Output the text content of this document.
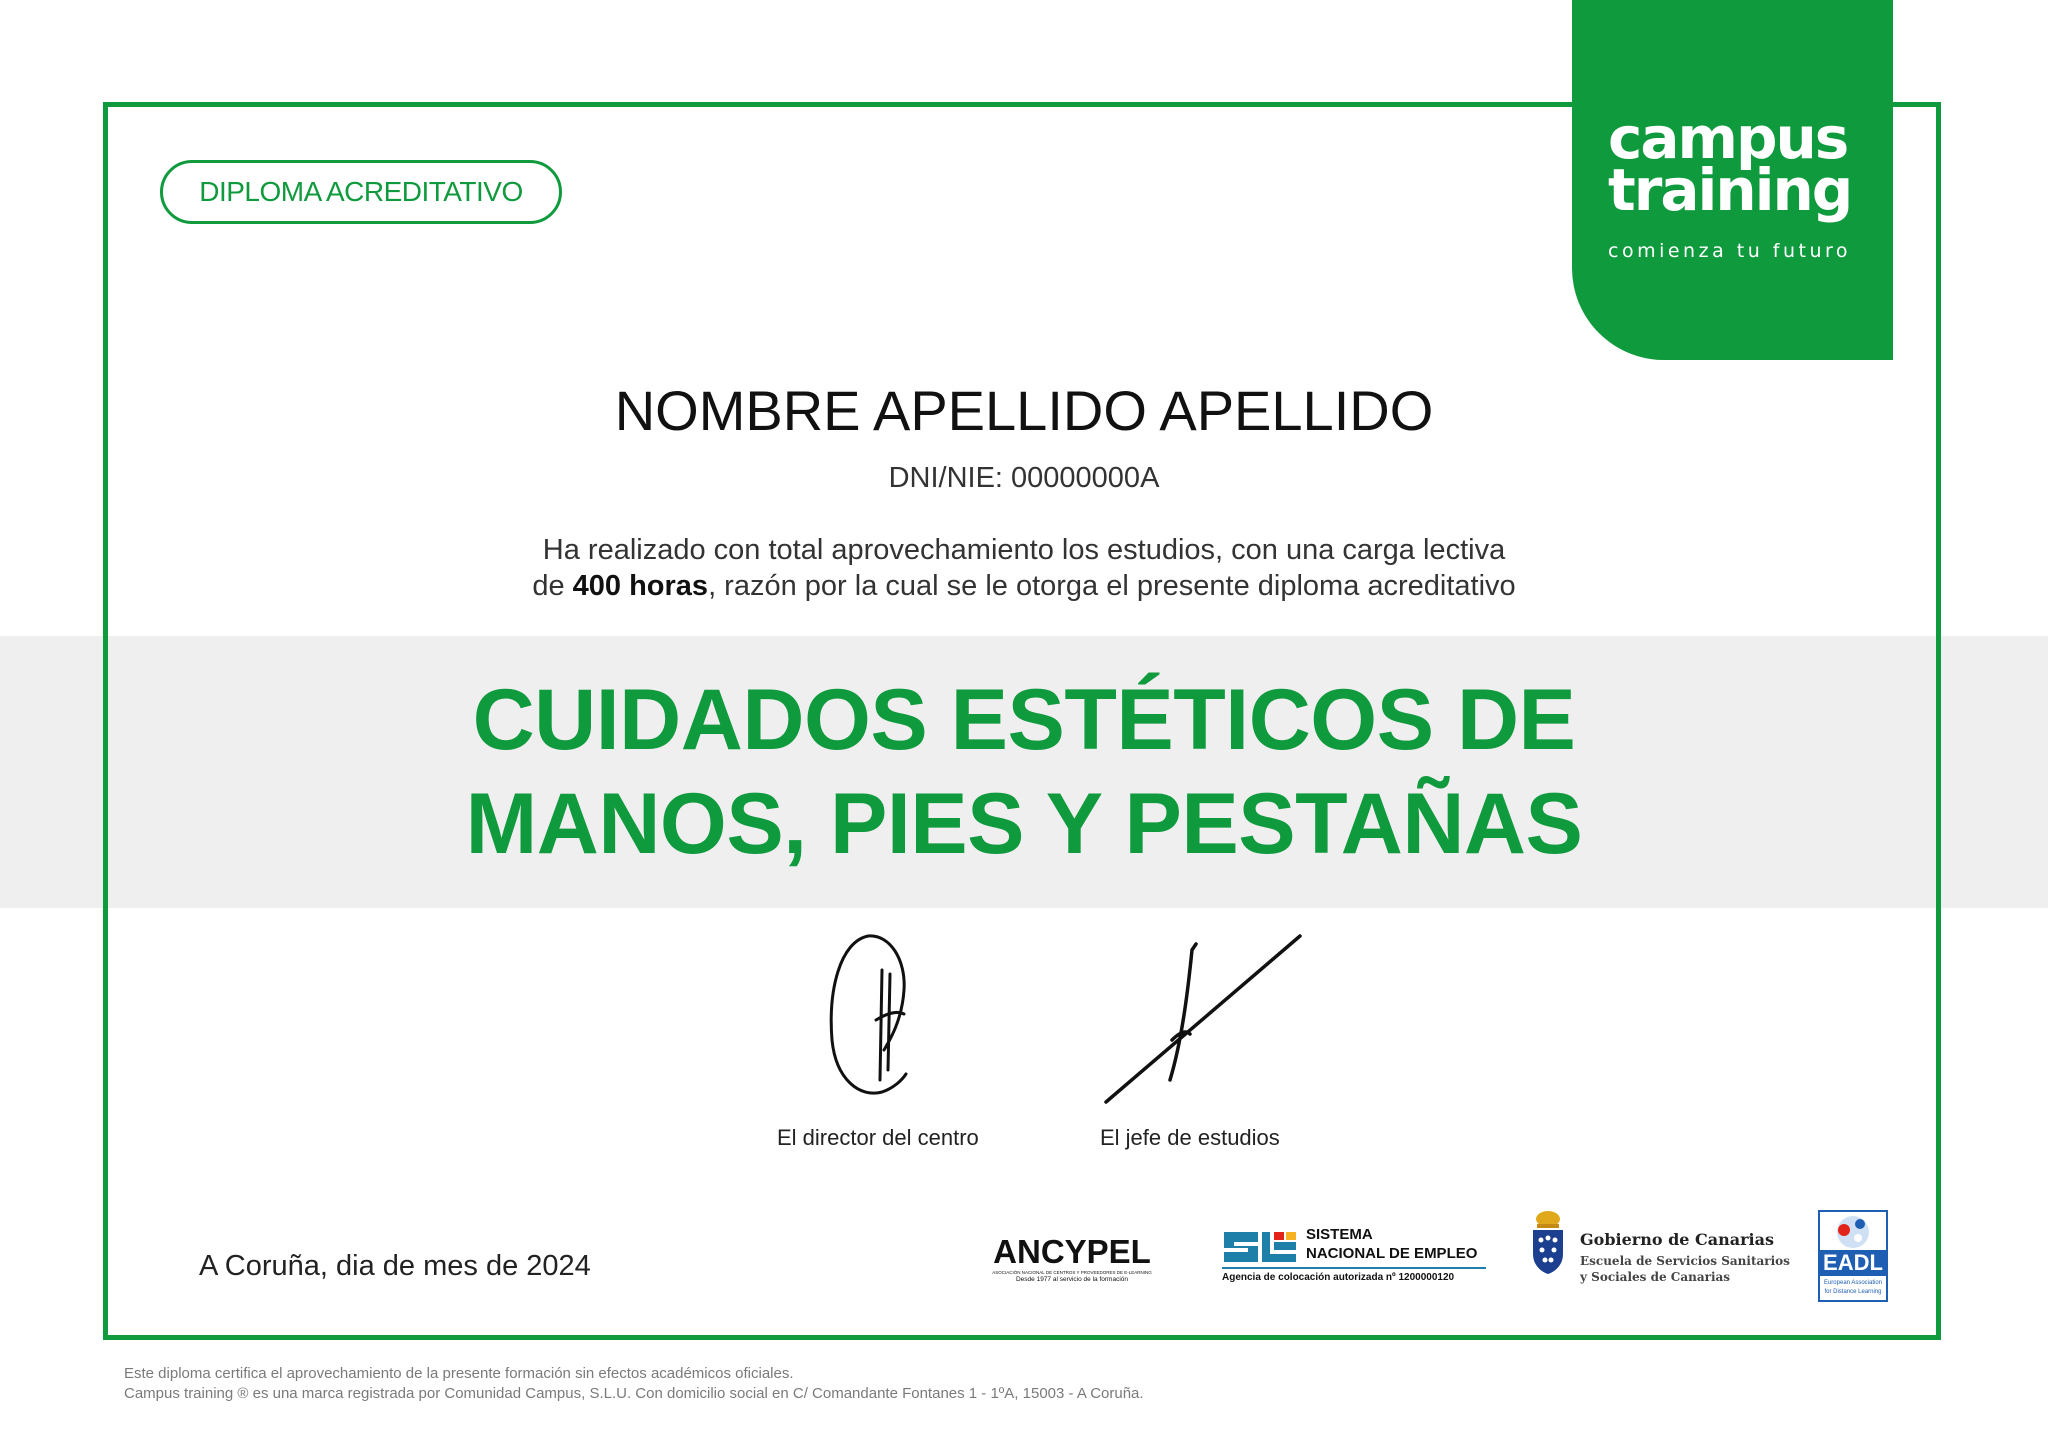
campus
training
comienza tu futuro
DIPLOMA ACREDITATIVO
NOMBRE APELLIDO APELLIDO
DNI/NIE: 00000000A
Ha realizado con total aprovechamiento los estudios, con una carga lectiva
de 400 horas, razón por la cual se le otorga el presente diploma acreditativo
CUIDADOS ESTÉTICOS DE
MANOS, PIES Y PESTAÑAS
El director del centro	El jefe de estudios
A Coruña, dia de mes de 2024	ANCYPEL
ASOCIACIÓN NACIONAL DE CENTROS Y PROVEEDORES DE E-LEARNING
Desde 1977 al servicio de la formación
SISTEMA
NACIONAL DE EMPLEO
Agencia de colocación autorizada nº 1200000120
Gobierno de Canarias
Escuela de Servicios Sanitarios
y Sociales de Canarias
EADL
European Association
for Distance Learning
Este diploma certifica el aprovechamiento de la presente formación sin efectos académicos oficiales.
Campus training ® es una marca registrada por Comunidad Campus, S.L.U. Con domicilio social en C/ Comandante Fontanes 1 - 1ºA, 15003 - A Coruña.
